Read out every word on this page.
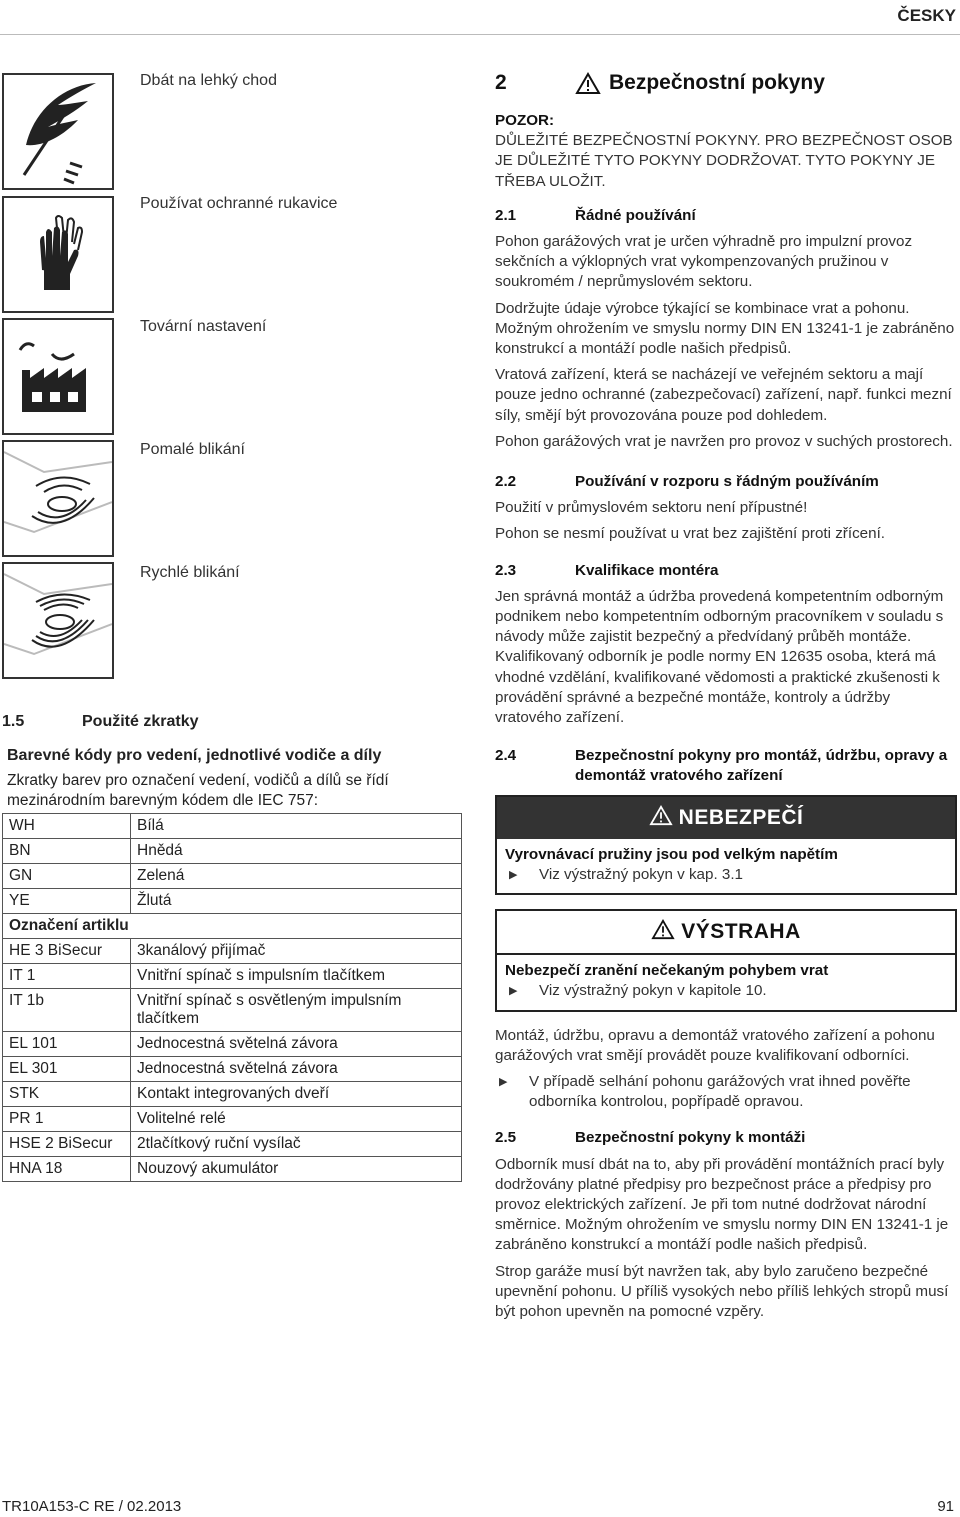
ČESKY
Dbát na lehký chod
Používat ochranné rukavice
Tovární nastavení
Pomalé blikání
Rychlé blikání
1.5	Použité zkratky
Barevné kódy pro vedení, jednotlivé vodiče a díly
Zkratky barev pro označení vedení, vodičů a dílů se řídí mezinárodním barevným kódem dle IEC 757:
WH	Bílá
BN	Hnědá
GN	Zelená
YE	Žlutá
Označení artiklu	
HE 3 BiSecur	3kanálový přijímač
IT 1	Vnitřní spínač s impulsním tlačítkem
IT 1b	Vnitřní spínač s osvětleným impulsním tlačítkem
EL 101	Jednocestná světelná závora
EL 301	Jednocestná světelná závora
STK	Kontakt integrovaných dveří
PR 1	Volitelné relé
HSE 2 BiSecur	2tlačítkový ruční vysílač
HNA 18	Nouzový akumulátor
2	Bezpečnostní pokyny
POZOR:

DŮLEŽITÉ BEZPEČNOSTNÍ POKYNY. PRO BEZPEČNOST OSOB JE DŮLEŽITÉ TYTO POKYNY DODRŽOVAT. TYTO POKYNY JE TŘEBA ULOŽIT.

2.1	Řádné používání

Pohon garážových vrat je určen výhradně pro impulzní provoz sekčních a výklopných vrat vykompenzovaných pružinou v soukromém / neprůmyslovém sektoru.

Dodržujte údaje výrobce týkající se kombinace vrat a pohonu. Možným ohrožením ve smyslu normy DIN EN 13241-1 je zabráněno konstrukcí a montáží podle našich předpisů.

Vratová zařízení, která se nacházejí ve veřejném sektoru a mají pouze jedno ochranné (zabezpečovací) zařízení, např. funkci mezní síly, smějí být provozována pouze pod dohledem.

Pohon garážových vrat je navržen pro provoz v suchých prostorech.

2.2	Používání v rozporu s řádným používáním

Použití v průmyslovém sektoru není přípustné!

Pohon se nesmí používat u vrat bez zajištění proti zřícení.

2.3	Kvalifikace montéra

Jen správná montáž a údržba provedená kompetentním odborným podnikem nebo kompetentním odborným pracovníkem v souladu s návody může zajistit bezpečný a předvídaný průběh montáže. Kvalifikovaný odborník je podle normy EN 12635 osoba, která má vhodné vzdělání, kvalifikované vědomosti a praktické zkušenosti k provádění správné a bezpečné montáže, kontroly a údržby vratového zařízení.

2.4	Bezpečnostní pokyny pro montáž, údržbu, opravy a demontáž vratového zařízení
NEBEZPEČÍ
Vyrovnávací pružiny jsou pod velkým napětím
▶ Viz výstražný pokyn v kap. 3.1
VÝSTRAHA
Nebezpečí zranění nečekaným pohybem vrat
▶ Viz výstražný pokyn v kapitole 10.

Montáž, údržbu, opravu a demontáž vratového zařízení a pohonu garážových vrat smějí provádět pouze kvalifikovaní odborníci.

▶ V případě selhání pohonu garážových vrat ihned pověřte odborníka kontrolou, popřípadě opravou.
2.5	Bezpečnostní pokyny k montáži

Odborník musí dbát na to, aby při provádění montážních prací byly dodržovány platné předpisy pro bezpečnost práce a předpisy pro provoz elektrických zařízení. Je při tom nutné dodržovat národní směrnice. Možným ohrožením ve smyslu normy DIN EN 13241-1 je zabráněno konstrukcí a montáží podle našich předpisů.

Strop garáže musí být navržen tak, aby bylo zaručeno bezpečné upevnění pohonu. U příliš vysokých nebo příliš lehkých stropů musí být pohon upevněn na pomocné vzpěry.

TR10A153-C RE / 02.2013	91
